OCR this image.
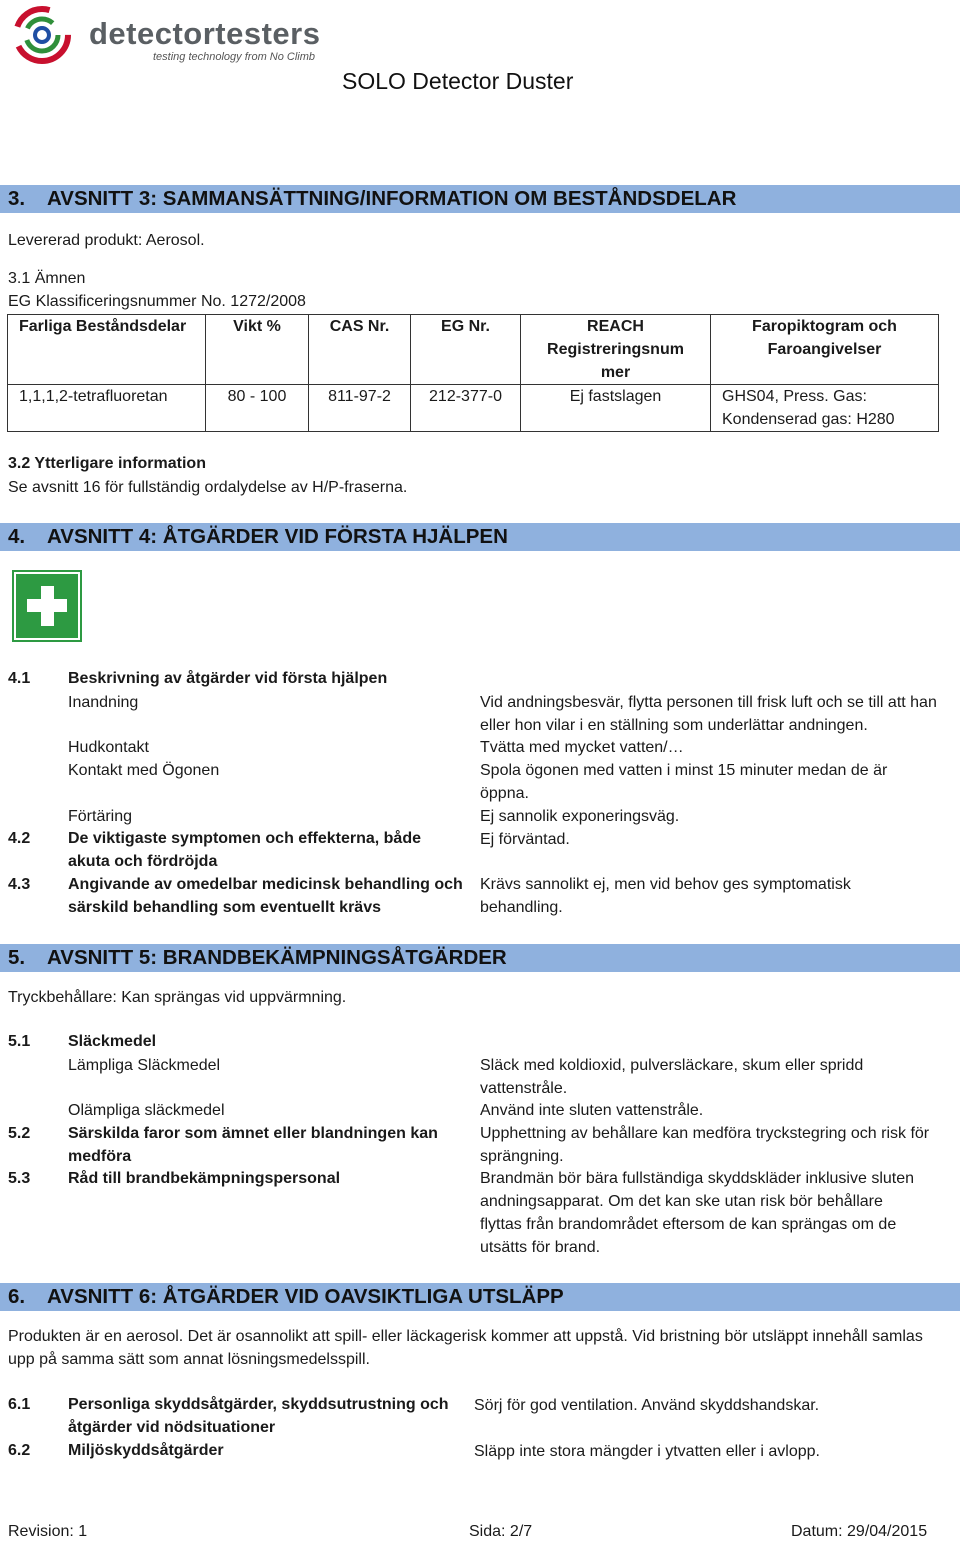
detectortesters
testing technology from No Climb
SOLO Detector Duster
3. AVSNITT 3: SAMMANSÄTTNING/INFORMATION OM BESTÅNDSDELAR
Levererad produkt: Aerosol.
3.1 Ämnen
EG Klassificeringsnummer No. 1272/2008
Farliga Beståndsdelar	Vikt %	CAS Nr.	EG Nr.	REACH Registreringsnum mer	Faropiktogram och Faroangivelser
1,1,1,2-tetrafluoretan	80 - 100	811-97-2	212-377-0	Ej fastslagen	GHS04, Press. Gas: Kondenserad gas: H280
3.2 Ytterligare information
Se avsnitt 16 för fullständig ordalydelse av H/P-fraserna.
4. AVSNITT 4: ÅTGÄRDER VID FÖRSTA HJÄLPEN
4.1 Beskrivning av åtgärder vid första hjälpen
Inandning	Vid andningsbesvär, flytta personen till frisk luft och se till att han eller hon vilar i en ställning som underlättar andningen.
Hudkontakt	Tvätta med mycket vatten/…
Kontakt med Ögonen	Spola ögonen med vatten i minst 15 minuter medan de är öppna.
Förtäring	Ej sannolik exponeringsväg.
4.2 De viktigaste symptomen och effekterna, både akuta och fördröjda
Ej förväntad.
4.3 Angivande av omedelbar medicinsk behandling och särskild behandling som eventuellt krävs
Krävs sannolikt ej, men vid behov ges symptomatisk behandling.
5. AVSNITT 5: BRANDBEKÄMPNINGSÅTGÄRDER
Tryckbehållare: Kan sprängas vid uppvärmning.
5.1 Släckmedel
Lämpliga Släckmedel	Släck med koldioxid, pulversläckare, skum eller spridd vattenstråle.
Olämpliga släckmedel	Använd inte sluten vattenstråle.
5.2 Särskilda faror som ämnet eller blandningen kan medföra
Upphettning av behållare kan medföra tryckstegring och risk för sprängning.
5.3 Råd till brandbekämpningspersonal	Brandmän bör bära fullständiga skyddskläder inklusive sluten andningsapparat. Om det kan ske utan risk bör behållare flyttas från brandområdet eftersom de kan sprängas om de utsätts för brand.
6. AVSNITT 6: ÅTGÄRDER VID OAVSIKTLIGA UTSLÄPP
Produkten är en aerosol. Det är osannolikt att spill- eller läckagerisk kommer att uppstå. Vid bristning bör utsläppt innehåll samlas upp på samma sätt som annat lösningsmedelsspill.
6.1 Personliga skyddsåtgärder, skyddsutrustning och åtgärder vid nödsituationer
Sörj för god ventilation. Använd skyddshandskar.
6.2 Miljöskyddsåtgärder	Släpp inte stora mängder i ytvatten eller i avlopp.
Revision: 1	Sida: 2/7	Datum: 29/04/2015
